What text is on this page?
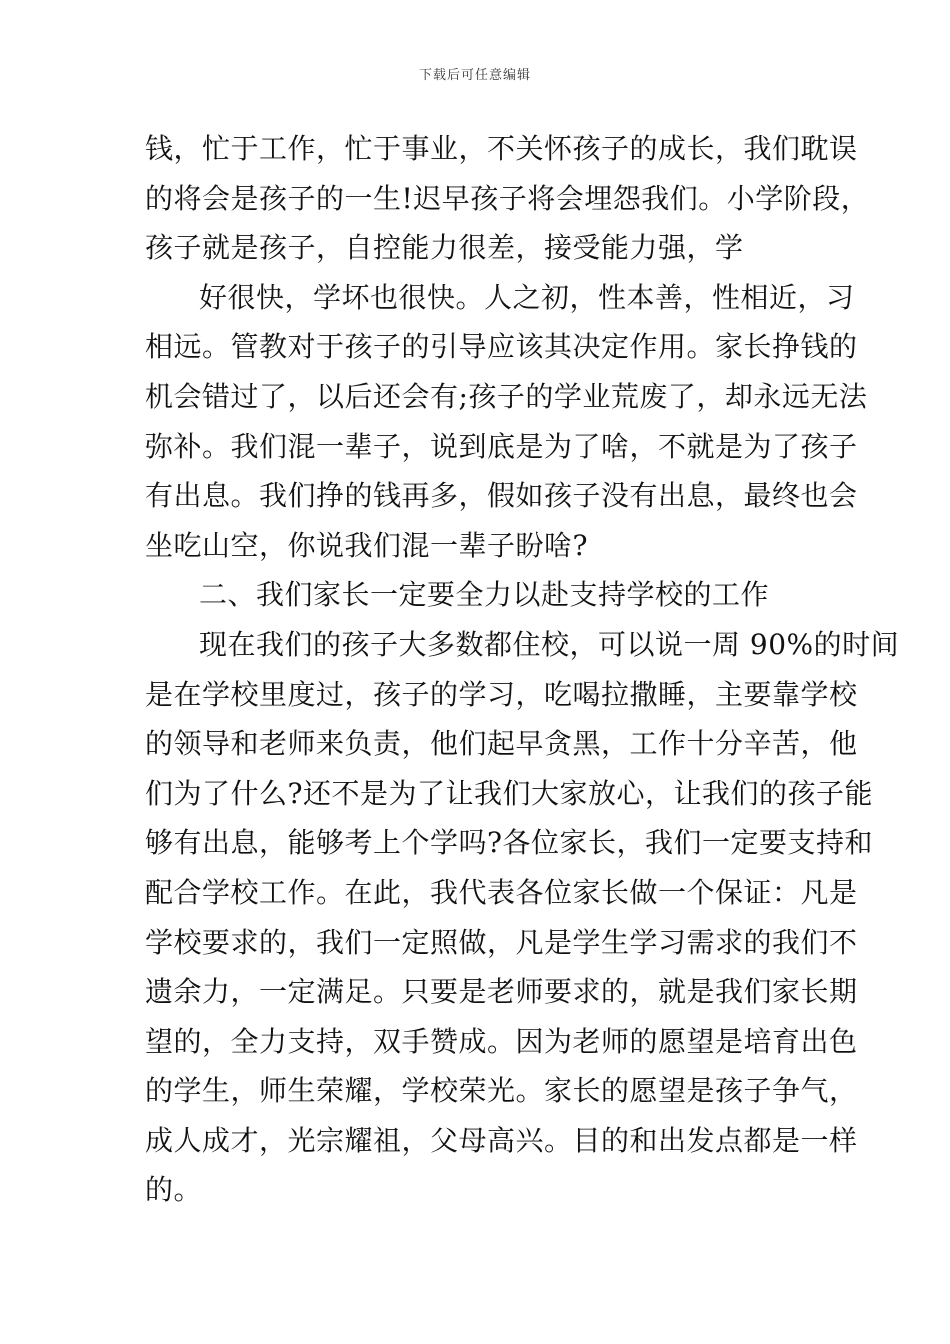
下载后可任意编辑
钱，忙于工作，忙于事业，不关怀孩子的成长，我们耽误
的将会是孩子的一生!迟早孩子将会埋怨我们。小学阶段，
孩子就是孩子，自控能力很差，接受能力强，学
好很快，学坏也很快。人之初，性本善，性相近，习
相远。管教对于孩子的引导应该其决定作用。家长挣钱的
机会错过了，以后还会有;孩子的学业荒废了，却永远无法
弥补。我们混一辈子，说到底是为了啥，不就是为了孩子
有出息。我们挣的钱再多，假如孩子没有出息，最终也会
坐吃山空，你说我们混一辈子盼啥?
二、我们家长一定要全力以赴支持学校的工作
现在我们的孩子大多数都住校，可以说一周 90%的时间
是在学校里度过，孩子的学习，吃喝拉撒睡，主要靠学校
的领导和老师来负责，他们起早贪黑，工作十分辛苦，他
们为了什么?还不是为了让我们大家放心，让我们的孩子能
够有出息，能够考上个学吗?各位家长，我们一定要支持和
配合学校工作。在此，我代表各位家长做一个保证：凡是
学校要求的，我们一定照做，凡是学生学习需求的我们不
遗余力，一定满足。只要是老师要求的，就是我们家长期
望的，全力支持，双手赞成。因为老师的愿望是培育出色
的学生，师生荣耀，学校荣光。家长的愿望是孩子争气，
成人成才，光宗耀祖，父母高兴。目的和出发点都是一样
的。
